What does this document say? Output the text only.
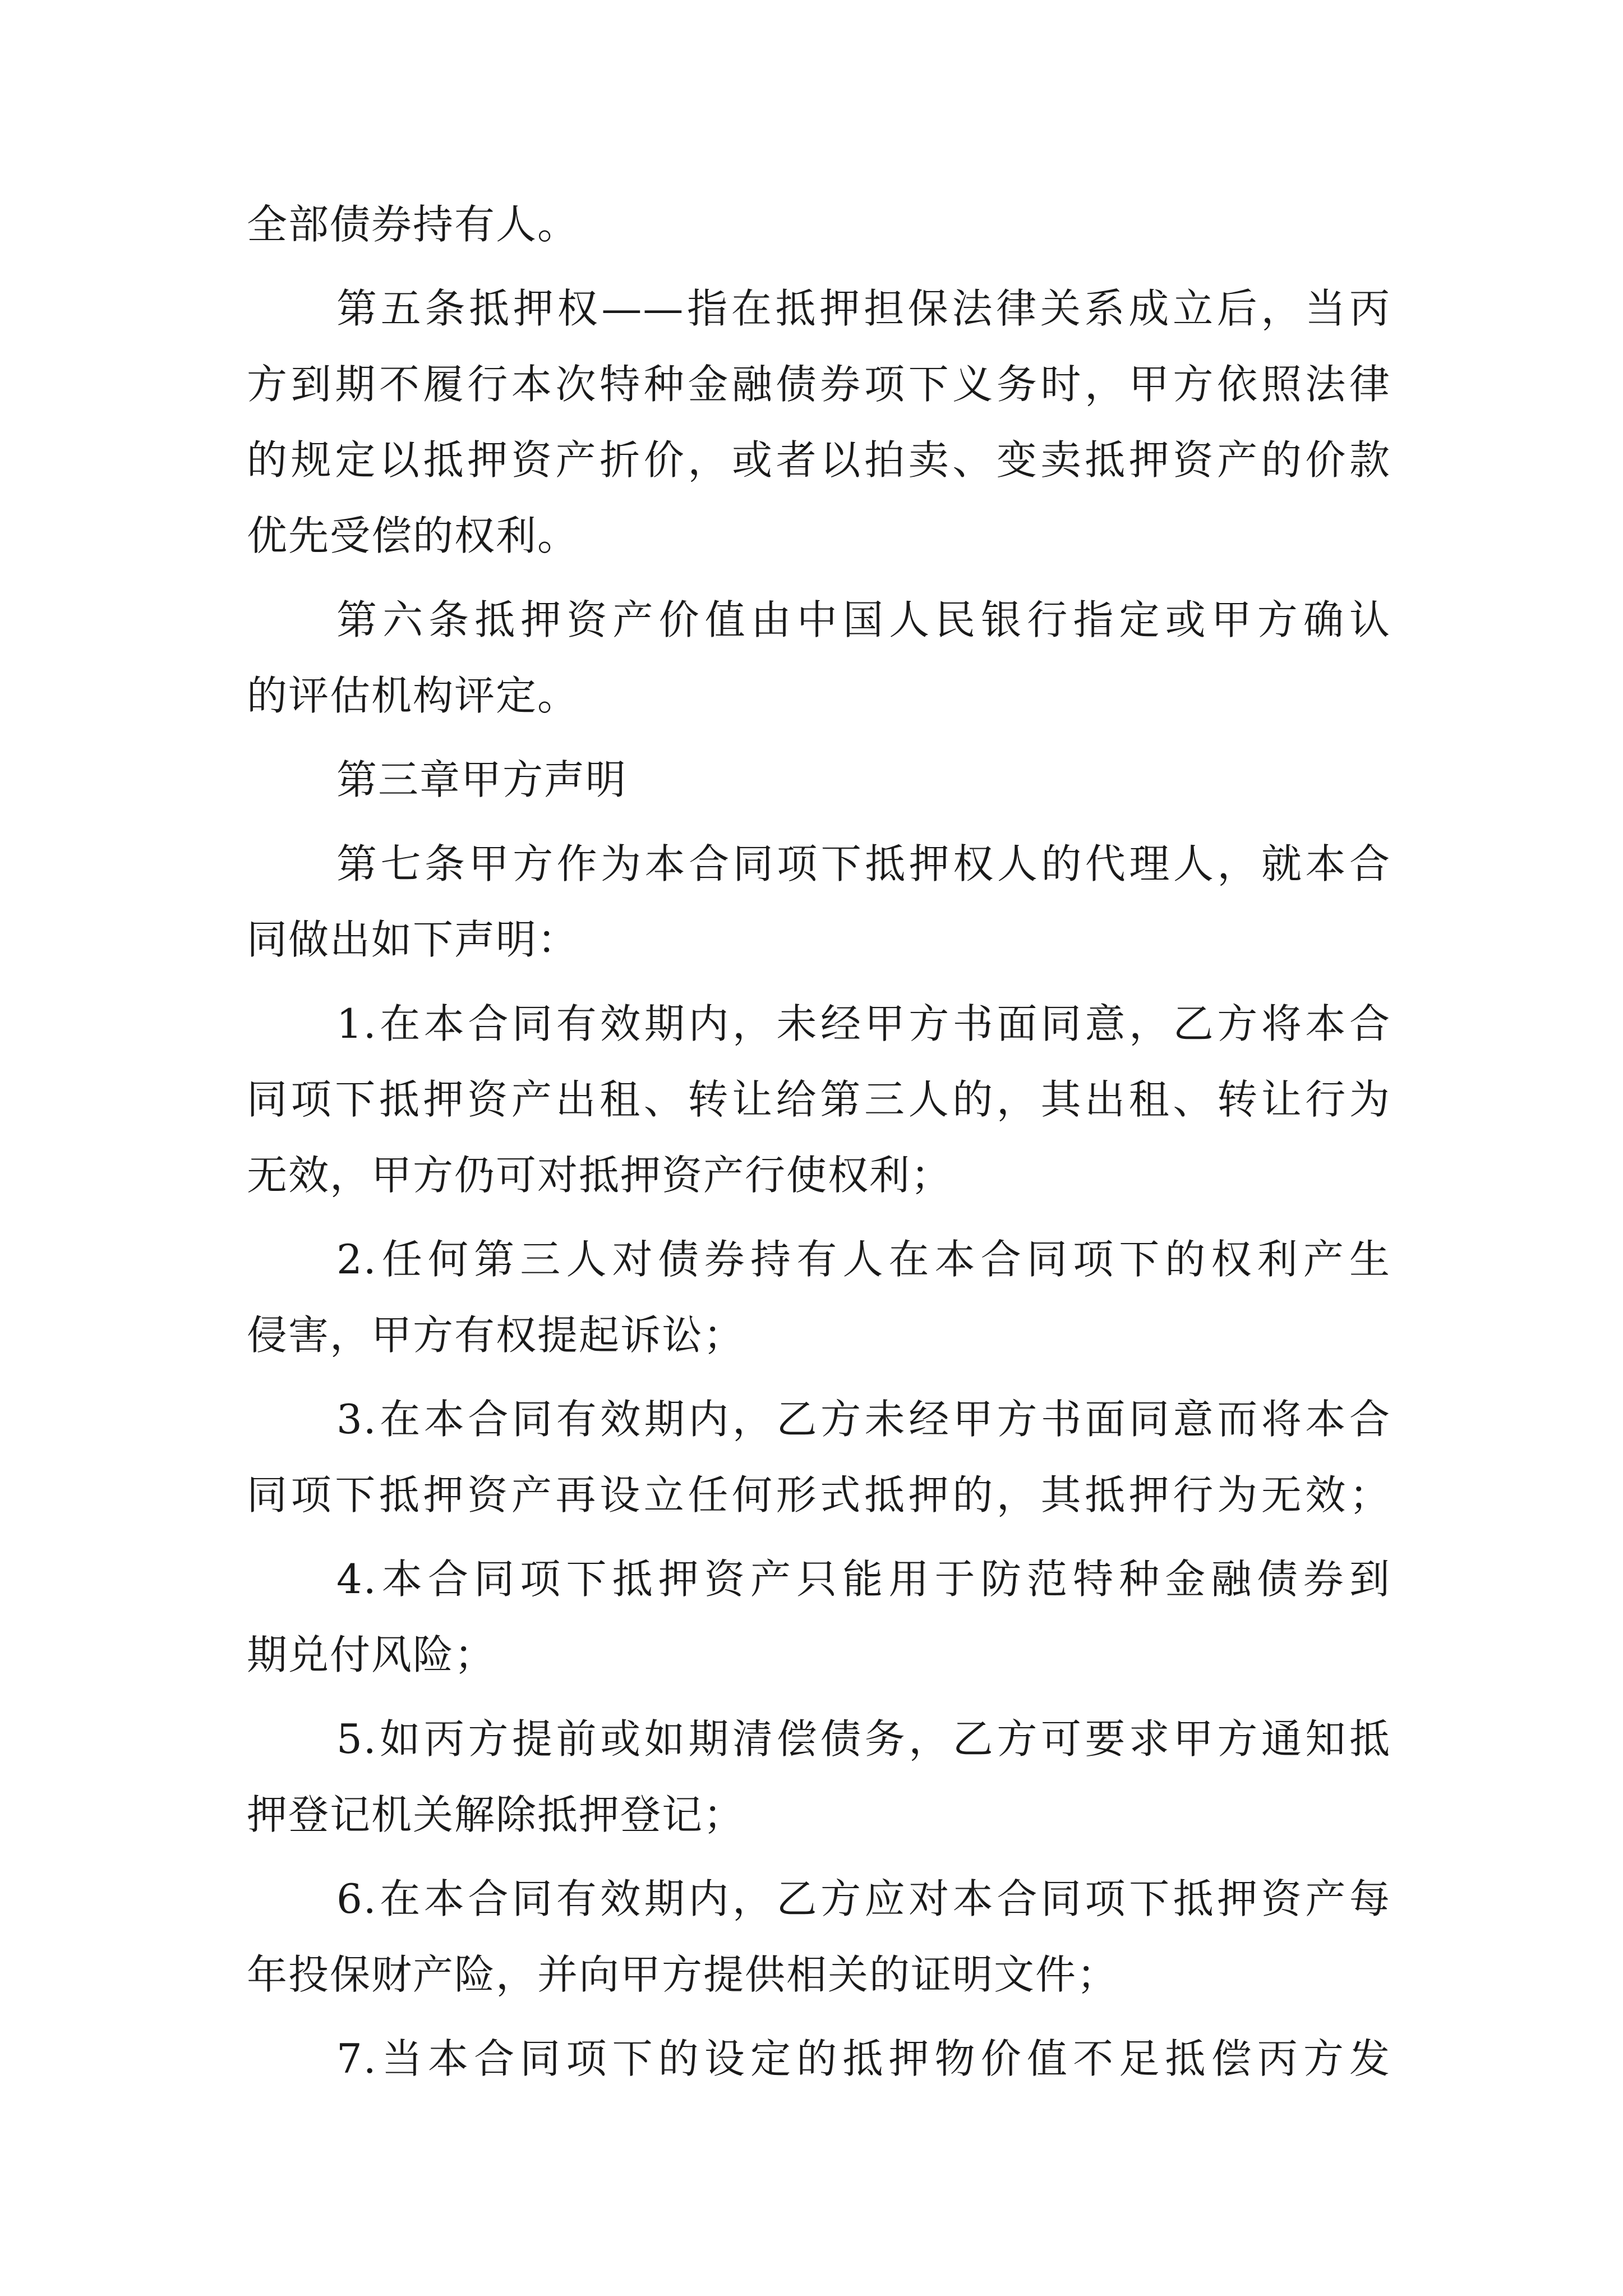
全部债券持有人。
第五条抵押权——指在抵押担保法律关系成立后，当丙
方到期不履行本次特种金融债券项下义务时，甲方依照法律
的规定以抵押资产折价，或者以拍卖、变卖抵押资产的价款
优先受偿的权利。
第六条抵押资产价值由中国人民银行指定或甲方确认
的评估机构评定。
第三章甲方声明
第七条甲方作为本合同项下抵押权人的代理人，就本合
同做出如下声明：
1.在本合同有效期内，未经甲方书面同意，乙方将本合
同项下抵押资产出租、转让给第三人的，其出租、转让行为
无效，甲方仍可对抵押资产行使权利；
2.任何第三人对债券持有人在本合同项下的权利产生
侵害，甲方有权提起诉讼；
3.在本合同有效期内，乙方未经甲方书面同意而将本合
同项下抵押资产再设立任何形式抵押的，其抵押行为无效；
4.本合同项下抵押资产只能用于防范特种金融债券到
期兑付风险；
5.如丙方提前或如期清偿债务，乙方可要求甲方通知抵
押登记机关解除抵押登记；
6.在本合同有效期内，乙方应对本合同项下抵押资产每
年投保财产险，并向甲方提供相关的证明文件；
7.当本合同项下的设定的抵押物价值不足抵偿丙方发
